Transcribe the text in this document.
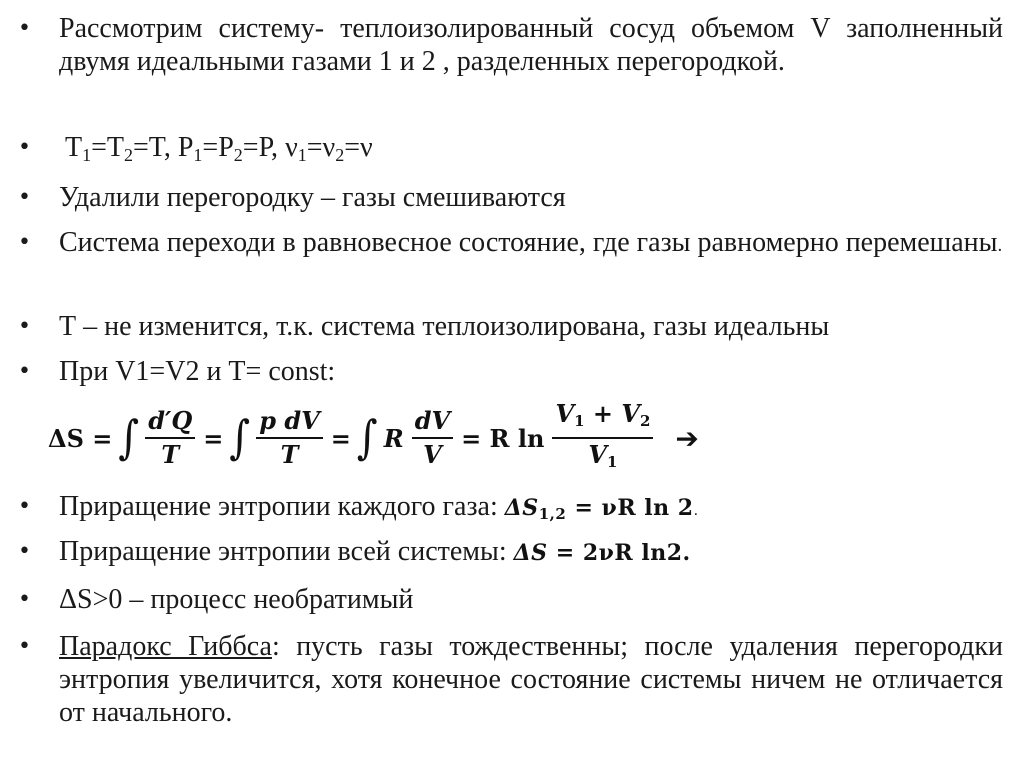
•	Рассмотрим систему- теплоизолированный сосуд объемом V заполненный двумя идеальными газами 1 и 2 , разделенных перегородкой.
•	$T_1=T_2=T$, $P_1=P_2=P$, $\nu_1=\nu_2=\nu$
•	Удалили перегородку – газы смешиваются
•	Система переходи в равновесное состояние, где газы равномерно перемешаны.
•	Т – не изменится, т.к. система теплоизолирована, газы идеальны
•	При V1=V2 и Т= const:
ΔS = ∫ $\frac{d'Q}{T}$ = ∫ $\frac{\text{p dV}}{T}$ = ∫ R $\frac{dV}{V} = R$ $\ln \frac{V1 + V2}{V1}$ ➔
•	Приращение энтропии каждого газа: ΔS1,2 = νR ln 2.
•	Приращение энтропии всей системы: ΔS = 2νR ln2.
•	ΔS>0 – процесс необратимый
•	Парадокс Гиббса: пусть газы тождественны; после удаления перегородки энтропия увеличится, хотя конечное состояние системы ничем не отличается от начального.
